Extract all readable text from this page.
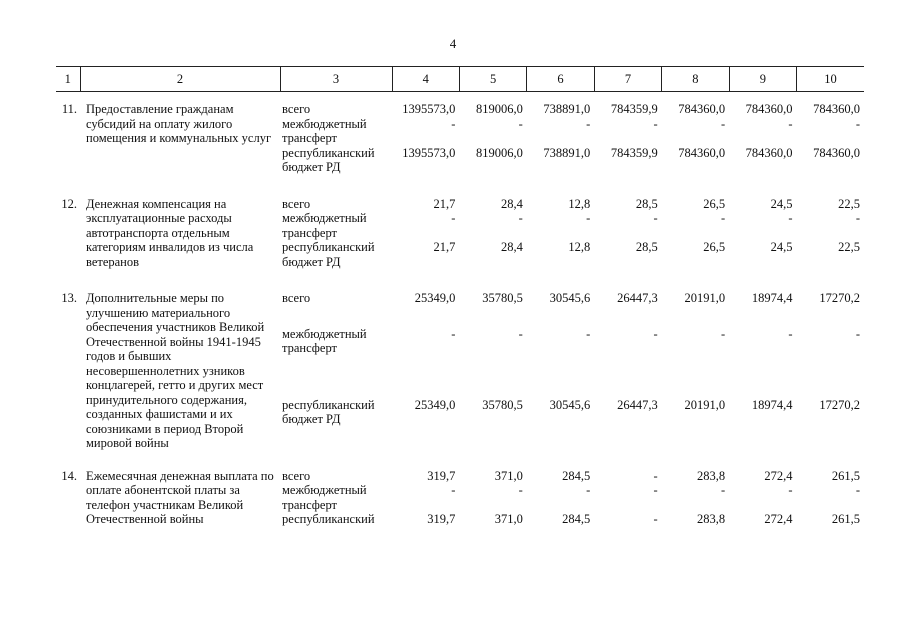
4
1	2	3	4	5	6	7	8	9	10

11.	Предоставление гражданам субсидий на оплату жилого помещения и коммунальных услуг	всего	1395573,0	819006,0	738891,0	784359,9	784360,0	784360,0	784360,0
		межбюджетный трансферт	-	-	-	-	-	-	-
		республиканский бюджет РД	1395573,0	819006,0	738891,0	784359,9	784360,0	784360,0	784360,0
12.	Денежная компенсация на эксплуатационные расходы автотранспорта отдельным категориям инвалидов из числа ветеранов	всего	21,7	28,4	12,8	28,5	26,5	24,5	22,5
		межбюджетный трансферт	-	-	-	-	-	-	-
		республиканский бюджет РД	21,7	28,4	12,8	28,5	26,5	24,5	22,5
13.	Дополнительные меры по улучшению материального обеспечения участников Великой Отечественной войны 1941-1945 годов и бывших несовершеннолетних узников концлагерей, гетто и других мест принудительного содержания, созданных фашистами и их союзниками в период Второй мировой войны	всего	25349,0	35780,5	30545,6	26447,3	20191,0	18974,4	17270,2
		межбюджетный трансферт	-	-	-	-	-	-	-
		республиканский бюджет РД	25349,0	35780,5	30545,6	26447,3	20191,0	18974,4	17270,2
14.	Ежемесячная денежная выплата по оплате абонентской платы за телефон участникам Великой Отечественной войны	всего	319,7	371,0	284,5	-	283,8	272,4	261,5
		межбюджетный трансферт	-	-	-	-	-	-	-
		республиканский	319,7	371,0	284,5	-	283,8	272,4	261,5
